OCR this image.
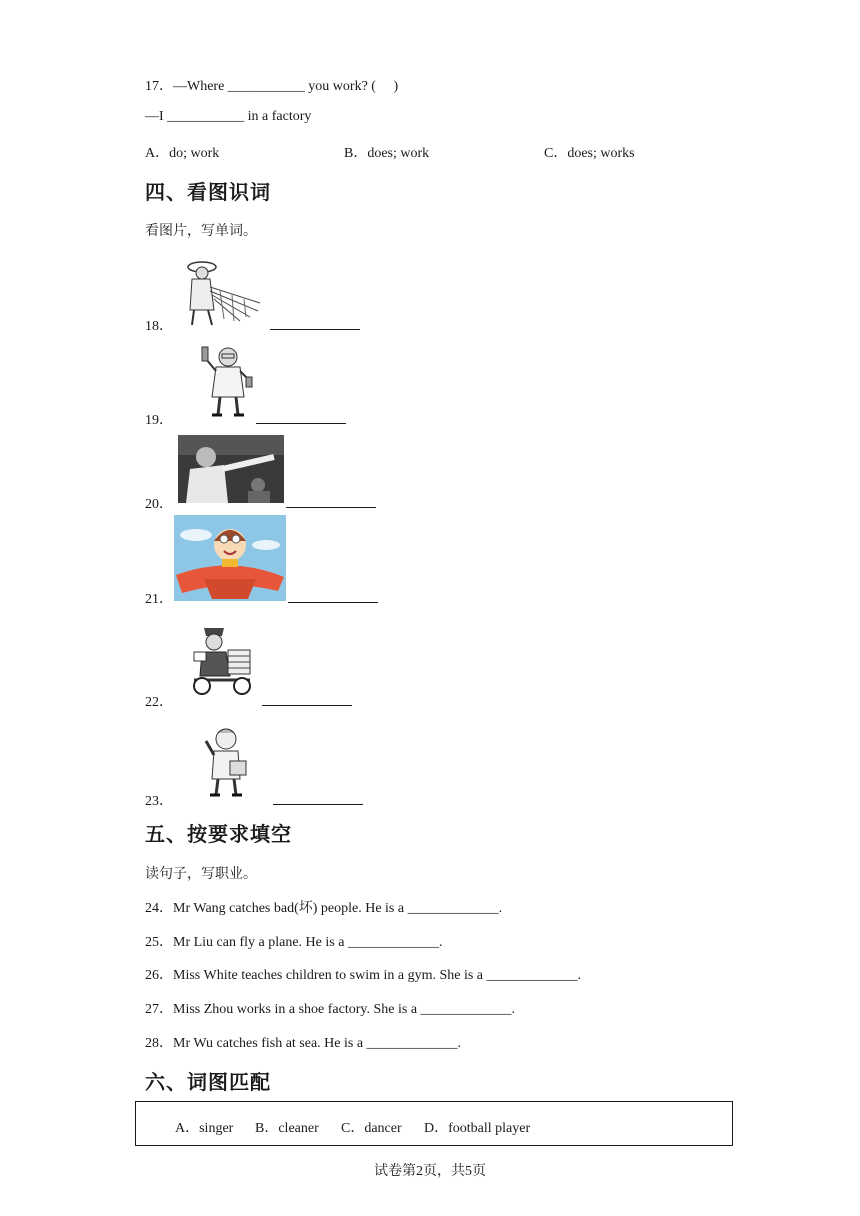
17．—Where ___________ you work? (     )
—I ___________ in a factory
A．do; work	B．does; work	C．does; works
四、看图识词
看图片，写单词。
18．
19．
20．
21．
22．
23．
五、按要求填空
读句子，写职业。
24．Mr Wang catches bad(坏) people. He is a _____________.
25．Mr Liu can fly a plane. He is a _____________.
26．Miss White teaches children to swim in a gym. She is a _____________.
27．Miss Zhou works in a shoe factory. She is a _____________.
28．Mr Wu catches fish at sea. He is a _____________.
六、词图匹配
A．singer B．cleaner C．dancer D．football player
试卷第2页，共5页
